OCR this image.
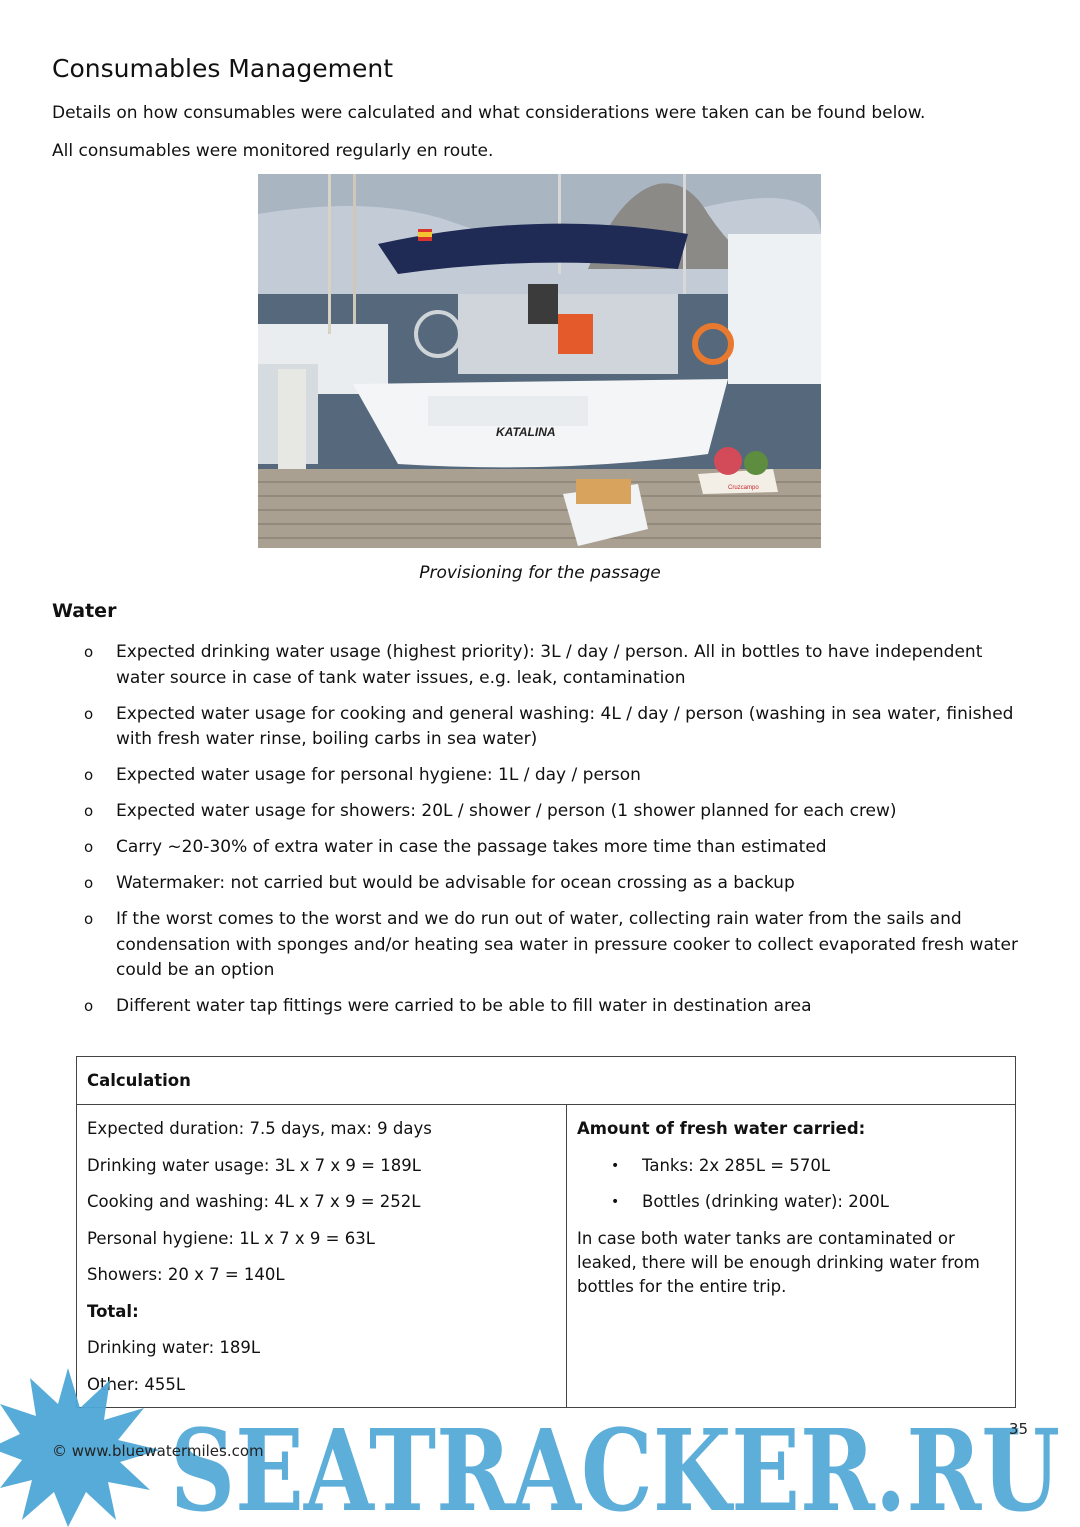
Consumables Management

Details on how consumables were calculated and what considerations were taken can be found below.

All consumables were monitored regularly en route.

KATALINA
Cruzcampo

Provisioning for the passage

Water
o Expected drinking water usage (highest priority): 3L / day / person. All in bottles to have independent water source in case of tank water issues, e.g. leak, contamination
o Expected water usage for cooking and general washing: 4L / day / person (washing in sea water, finished with fresh water rinse, boiling carbs in sea water)
o Expected water usage for personal hygiene: 1L / day / person
o Expected water usage for showers: 20L / shower / person (1 shower planned for each crew)
o Carry ~20-30% of extra water in case the passage takes more time than estimated
o Watermaker: not carried but would be advisable for ocean crossing as a backup
o If the worst comes to the worst and we do run out of water, collecting rain water from the sails and condensation with sponges and/or heating sea water in pressure cooker to collect evaporated fresh water could be an option
o Different water tap fittings were carried to be able to fill water in destination area
Calculation
Expected duration: 7.5 days, max: 9 days
Drinking water usage: 3L x 7 x 9 = 189L
Cooking and washing: 4L x 7 x 9 = 252L
Personal hygiene: 1L x 7 x 9 = 63L
Showers: 20 x 7 = 140L
Total:
Drinking water: 189L
Other: 455L
Amount of fresh water carried:
• Tanks: 2x 285L = 570L
• Bottles (drinking water): 200L
In case both water tanks are contaminated or leaked, there will be enough drinking water from bottles for the entire trip.
SEATRACKER.RU
© www.bluewatermiles.com
35
